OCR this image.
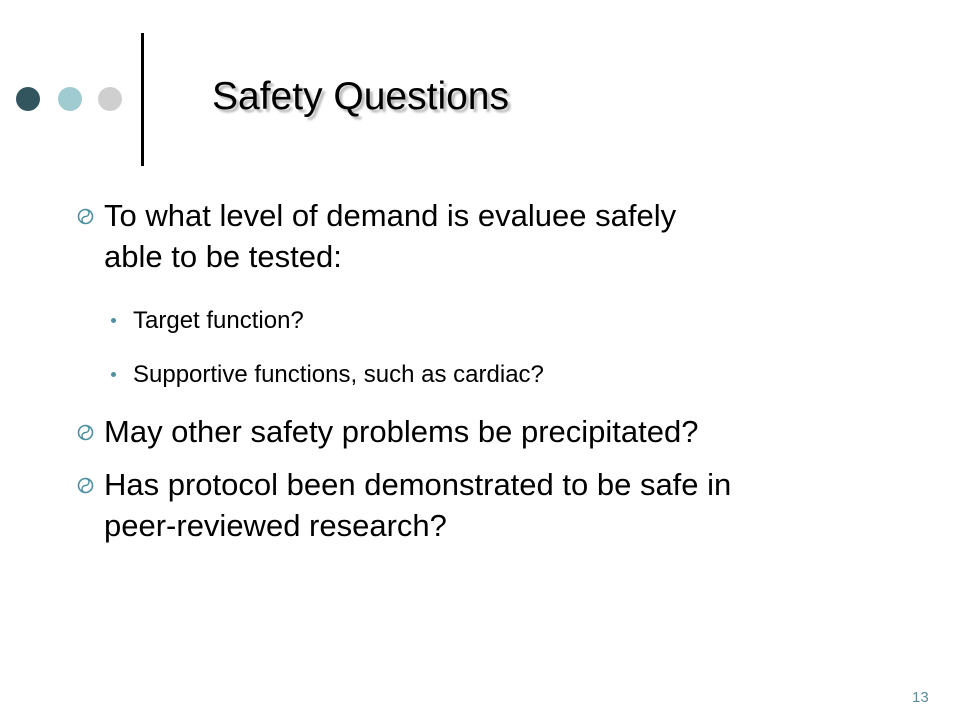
Safety Questions
To what level of demand is evaluee safely
able to be tested:
Target function?
Supportive functions, such as cardiac?
May other safety problems be precipitated?
Has protocol been demonstrated to be safe in
peer-reviewed research?
13
